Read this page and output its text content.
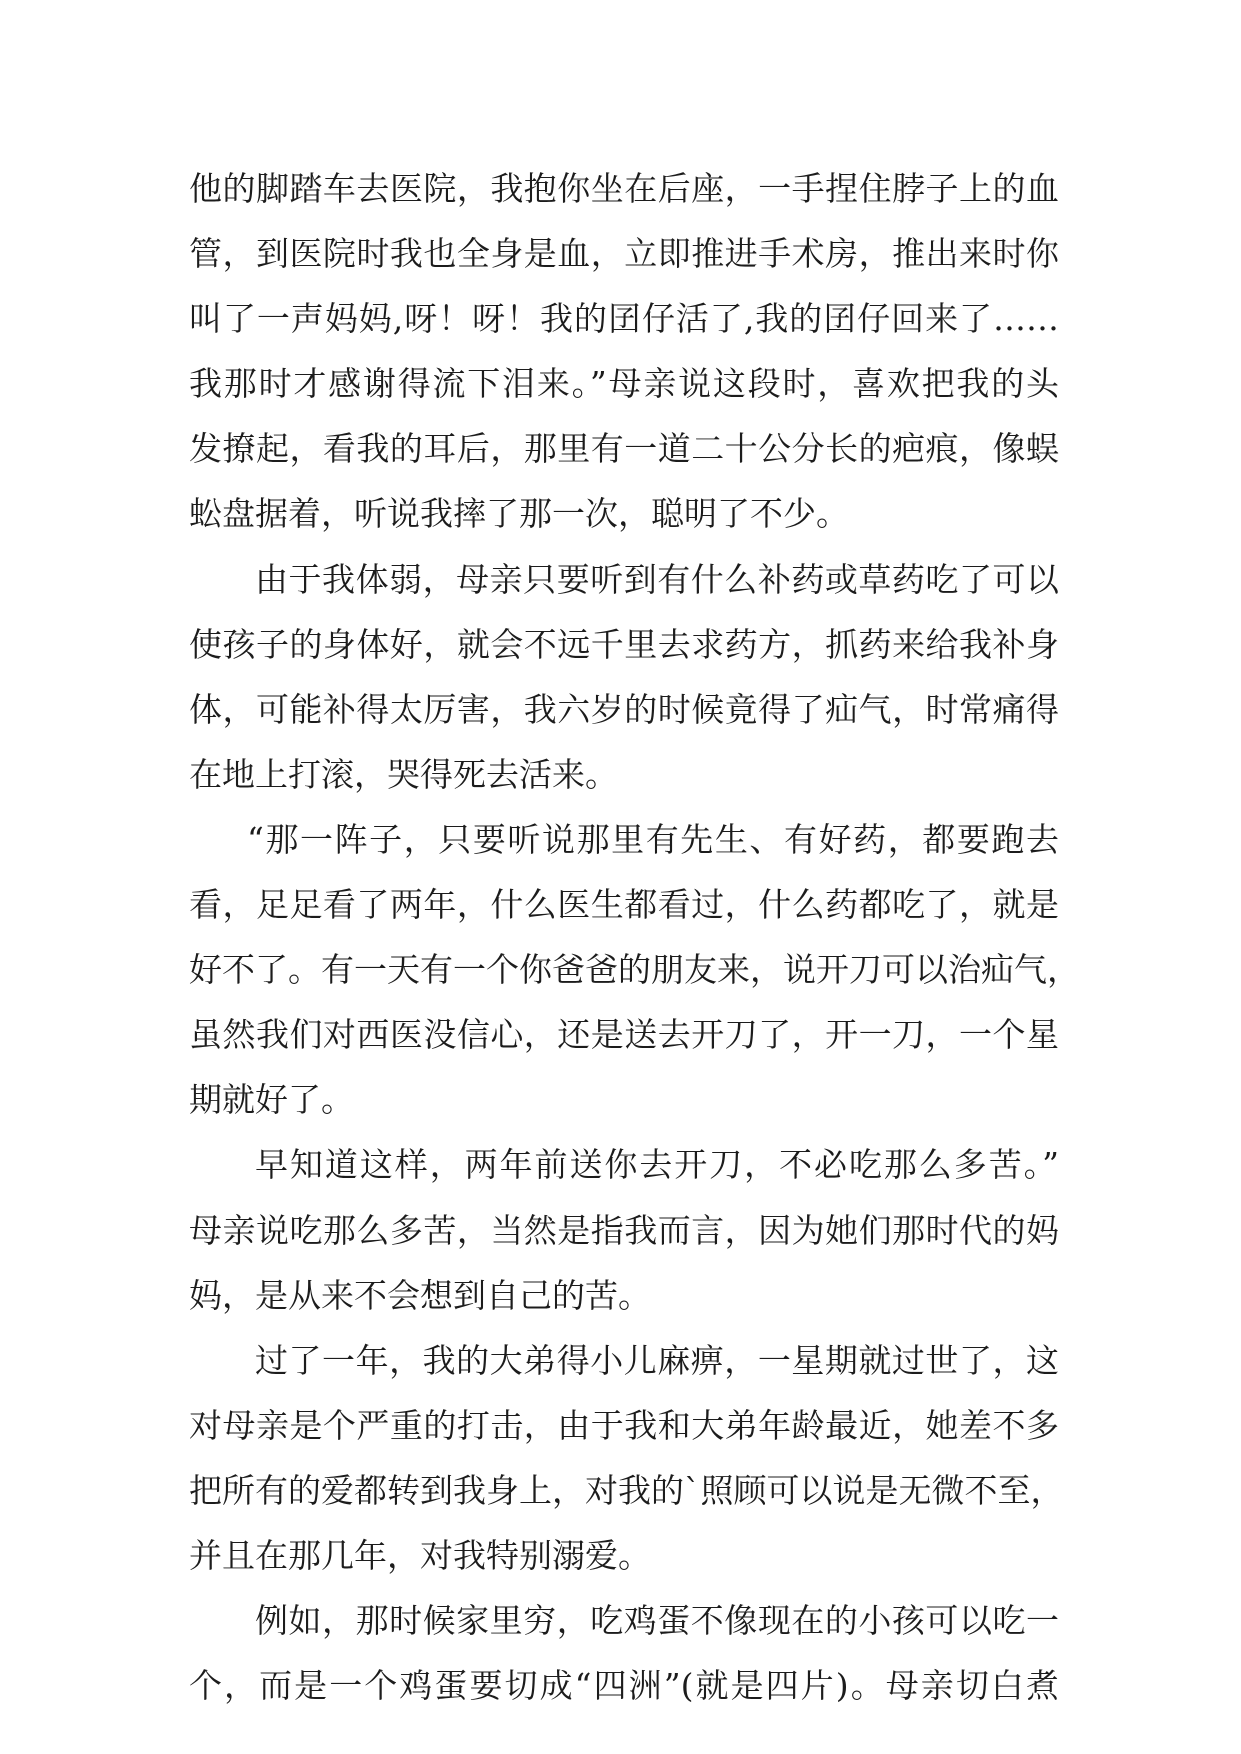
他的脚踏车去医院，我抱你坐在后座，一手捏住脖子上的血
管，到医院时我也全身是血，立即推进手术房，推出来时你
叫了一声妈妈,呀！呀！我的囝仔活了,我的囝仔回来了……
我那时才感谢得流下泪来。”母亲说这段时，喜欢把我的头
发撩起，看我的耳后，那里有一道二十公分长的疤痕，像蜈
蚣盘据着，听说我摔了那一次，聪明了不少。
由于我体弱，母亲只要听到有什么补药或草药吃了可以
使孩子的身体好，就会不远千里去求药方，抓药来给我补身
体，可能补得太厉害，我六岁的时候竟得了疝气，时常痛得
在地上打滚，哭得死去活来。
“那一阵子，只要听说那里有先生、有好药，都要跑去
看，足足看了两年，什么医生都看过，什么药都吃了，就是
好不了。有一天有一个你爸爸的朋友来，说开刀可以治疝气，
虽然我们对西医没信心，还是送去开刀了，开一刀，一个星
期就好了。
早知道这样，两年前送你去开刀，不必吃那么多苦。”
母亲说吃那么多苦，当然是指我而言，因为她们那时代的妈
妈，是从来不会想到自己的苦。
过了一年，我的大弟得小儿麻痹，一星期就过世了，这
对母亲是个严重的打击，由于我和大弟年龄最近，她差不多
把所有的爱都转到我身上，对我的`照顾可以说是无微不至，
并且在那几年，对我特别溺爱。
例如，那时候家里穷，吃鸡蛋不像现在的小孩可以吃一
个，而是一个鸡蛋要切成“四洲”(就是四片)。母亲切白煮
